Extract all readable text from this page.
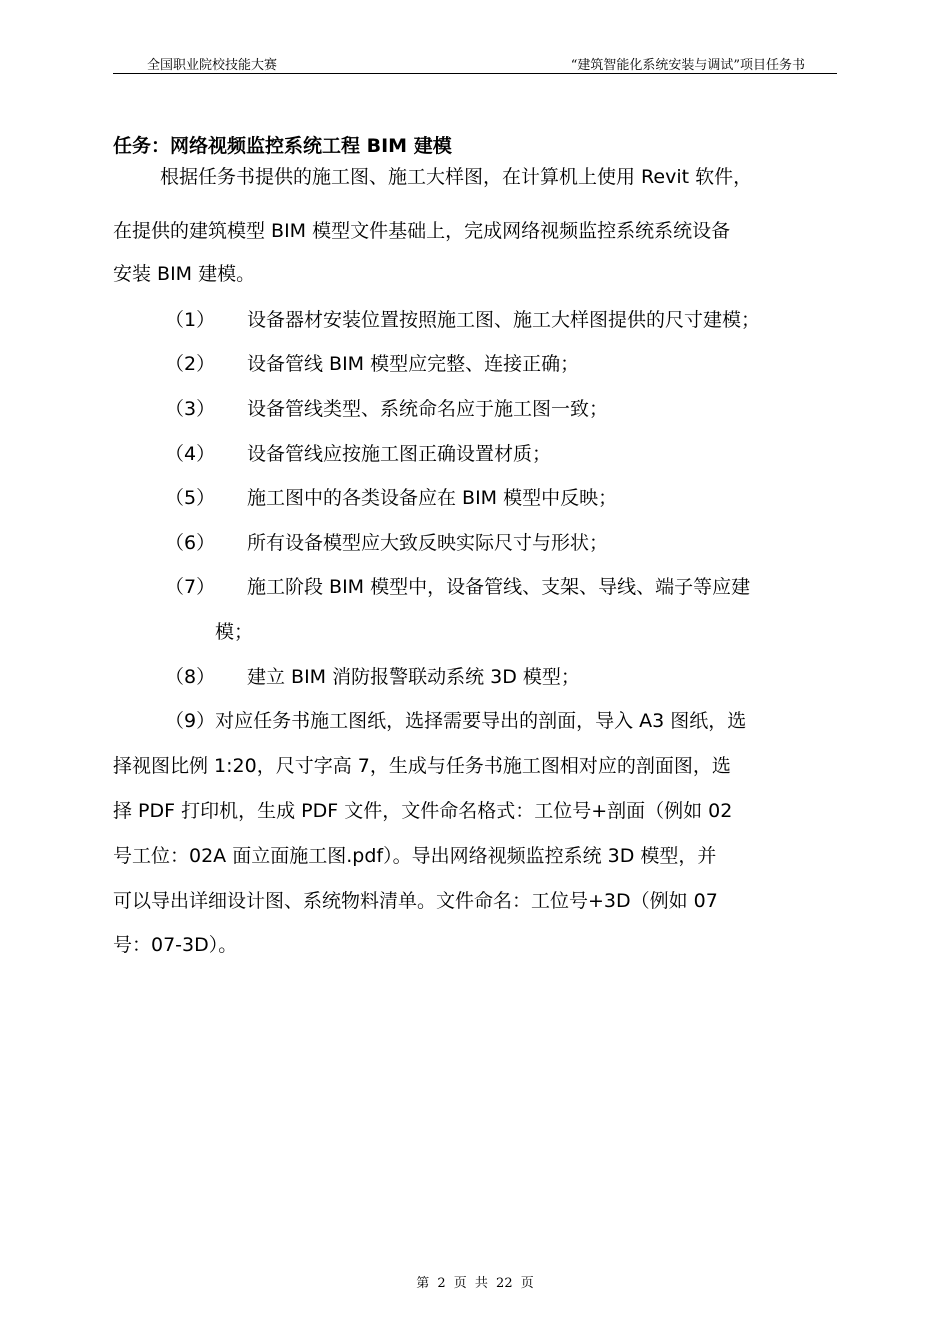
全国职业院校技能大赛	“建筑智能化系统安装与调试”项目任务书
任务：网络视频监控系统工程 BIM 建模
根据任务书提供的施工图、施工大样图，在计算机上使用 Revit 软件，
在提供的建筑模型 BIM 模型文件基础上，完成网络视频监控系统系统设备
安装 BIM 建模。
（1） 设备器材安装位置按照施工图、施工大样图提供的尺寸建模；
（2） 设备管线 BIM 模型应完整、连接正确；
（3） 设备管线类型、系统命名应于施工图一致；
（4） 设备管线应按施工图正确设置材质；
（5） 施工图中的各类设备应在 BIM 模型中反映；
（6） 所有设备模型应大致反映实际尺寸与形状；
（7） 施工阶段 BIM 模型中，设备管线、支架、导线、端子等应建
模；
（8） 建立 BIM 消防报警联动系统 3D 模型；
（9）对应任务书施工图纸，选择需要导出的剖面，导入 A3 图纸，选
择视图比例 1:20，尺寸字高 7，生成与任务书施工图相对应的剖面图，选
择 PDF 打印机，生成 PDF 文件，文件命名格式：工位号+剖面（例如 02
号工位：02A 面立面施工图.pdf）。导出网络视频监控系统 3D 模型，并
可以导出详细设计图、系统物料清单。文件命名：工位号+3D（例如 07
号：07-3D）。
第 2 页 共 22 页
